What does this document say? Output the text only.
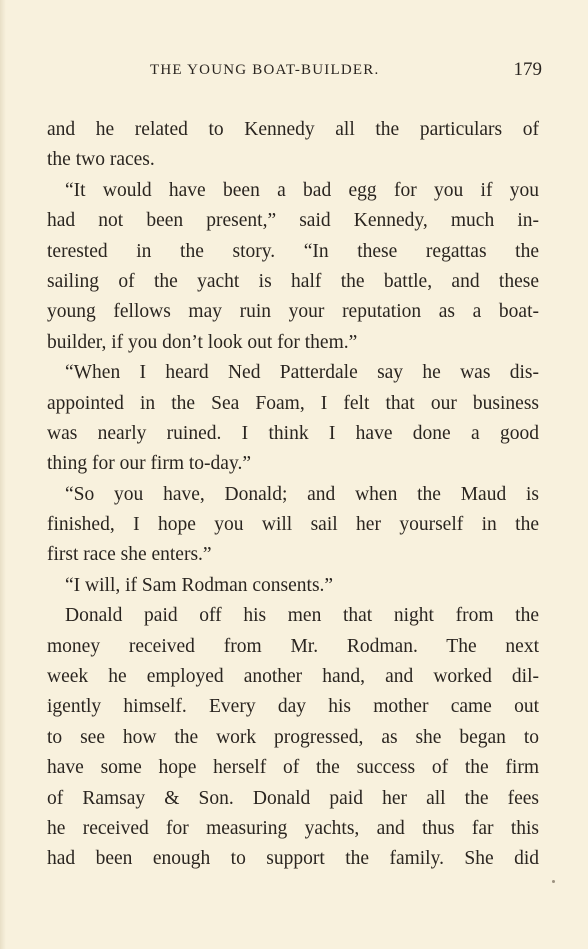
THE YOUNG BOAT-BUILDER.	179
and he related to Kennedy all the particulars of
the two races.
“It would have been a bad egg for you if you
had not been present,” said Kennedy, much in-
terested in the story. “In these regattas the
sailing of the yacht is half the battle, and these
young fellows may ruin your reputation as a boat-
builder, if you don’t look out for them.”
“When I heard Ned Patterdale say he was dis-
appointed in the Sea Foam, I felt that our business
was nearly ruined. I think I have done a good
thing for our firm to-day.”
“So you have, Donald; and when the Maud is
finished, I hope you will sail her yourself in the
first race she enters.”
“I will, if Sam Rodman consents.”
Donald paid off his men that night from the
money received from Mr. Rodman. The next
week he employed another hand, and worked dil-
igently himself. Every day his mother came out
to see how the work progressed, as she began to
have some hope herself of the success of the firm
of Ramsay & Son. Donald paid her all the fees
he received for measuring yachts, and thus far this
had been enough to support the family. She did
